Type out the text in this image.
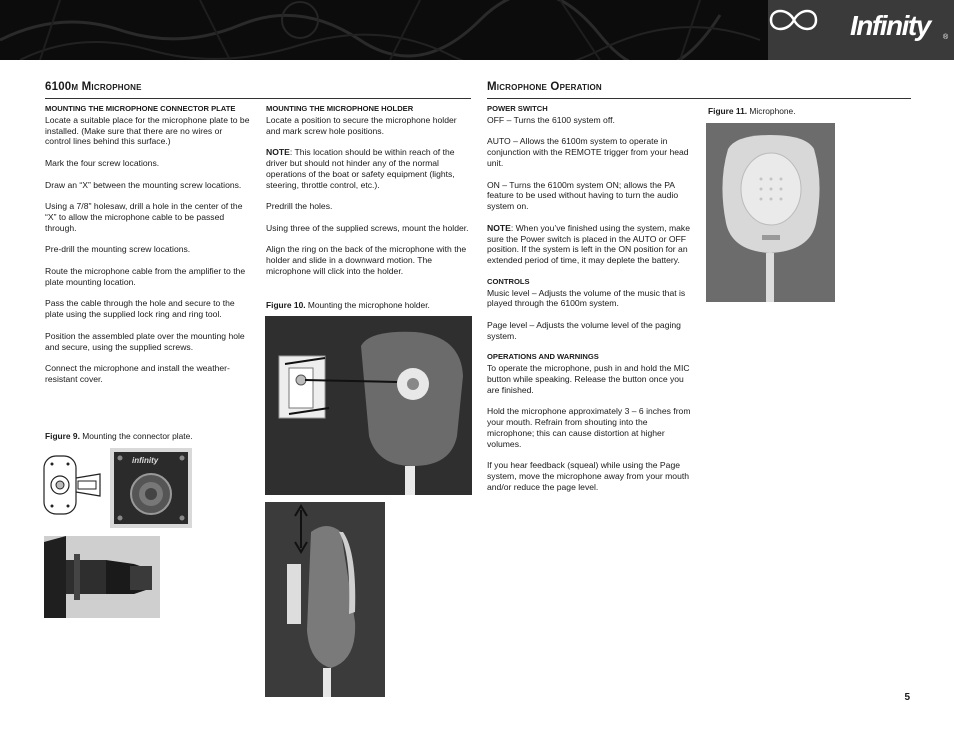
Infinity ®
6100m Microphone
MOUNTING THE MICROPHONE CONNECTOR PLATE

Locate a suitable place for the microphone plate to be installed. (Make sure that there are no wires or control lines behind this surface.)

Mark the four screw locations.

Draw an “X” between the mounting screw locations.

Using a 7/8" holesaw, drill a hole in the center of the “X” to allow the microphone cable to be passed through.

Pre-drill the mounting screw locations.

Route the microphone cable from the amplifier to the plate mounting location.

Pass the cable through the hole and secure to the plate using the supplied lock ring and ring tool.

Position the assembled plate over the mounting hole and secure, using the supplied screws.

Connect the microphone and install the weather-resistant cover.

Figure 9. Mounting the connector plate.
infinity
MOUNTING THE MICROPHONE HOLDER

Locate a position to secure the microphone holder and mark screw hole positions.

NOTE: This location should be within reach of the driver but should not hinder any of the normal operations of the boat or safety equipment (lights, steering, throttle control, etc.).

Predrill the holes.

Using three of the supplied screws, mount the holder.

Align the ring on the back of the microphone with the holder and slide in a downward motion. The microphone will click into the holder.

Figure 10. Mounting the microphone holder.
Microphone Operation
POWER SWITCH

OFF – Turns the 6100 system off.

AUTO – Allows the 6100m system to operate in conjunction with the REMOTE trigger from your head unit.

ON – Turns the 6100m system ON; allows the PA feature to be used without having to turn the audio system on.

NOTE: When you’ve finished using the system, make sure the Power switch is placed in the AUTO or OFF position. If the system is left in the ON position for an extended period of time, it may deplete the battery.

CONTROLS

Music level – Adjusts the volume of the music that is played through the 6100m system.

Page level – Adjusts the volume level of the paging system.

OPERATIONS AND WARNINGS

To operate the microphone, push in and hold the MIC button while speaking. Release the button once you are finished.

Hold the microphone approximately 3 – 6 inches from your mouth. Refrain from shouting into the microphone; this can cause distortion at higher volumes.

If you hear feedback (squeal) while using the Page system, move the microphone away from your mouth and/or reduce the page level.

Figure 11. Microphone.
5
